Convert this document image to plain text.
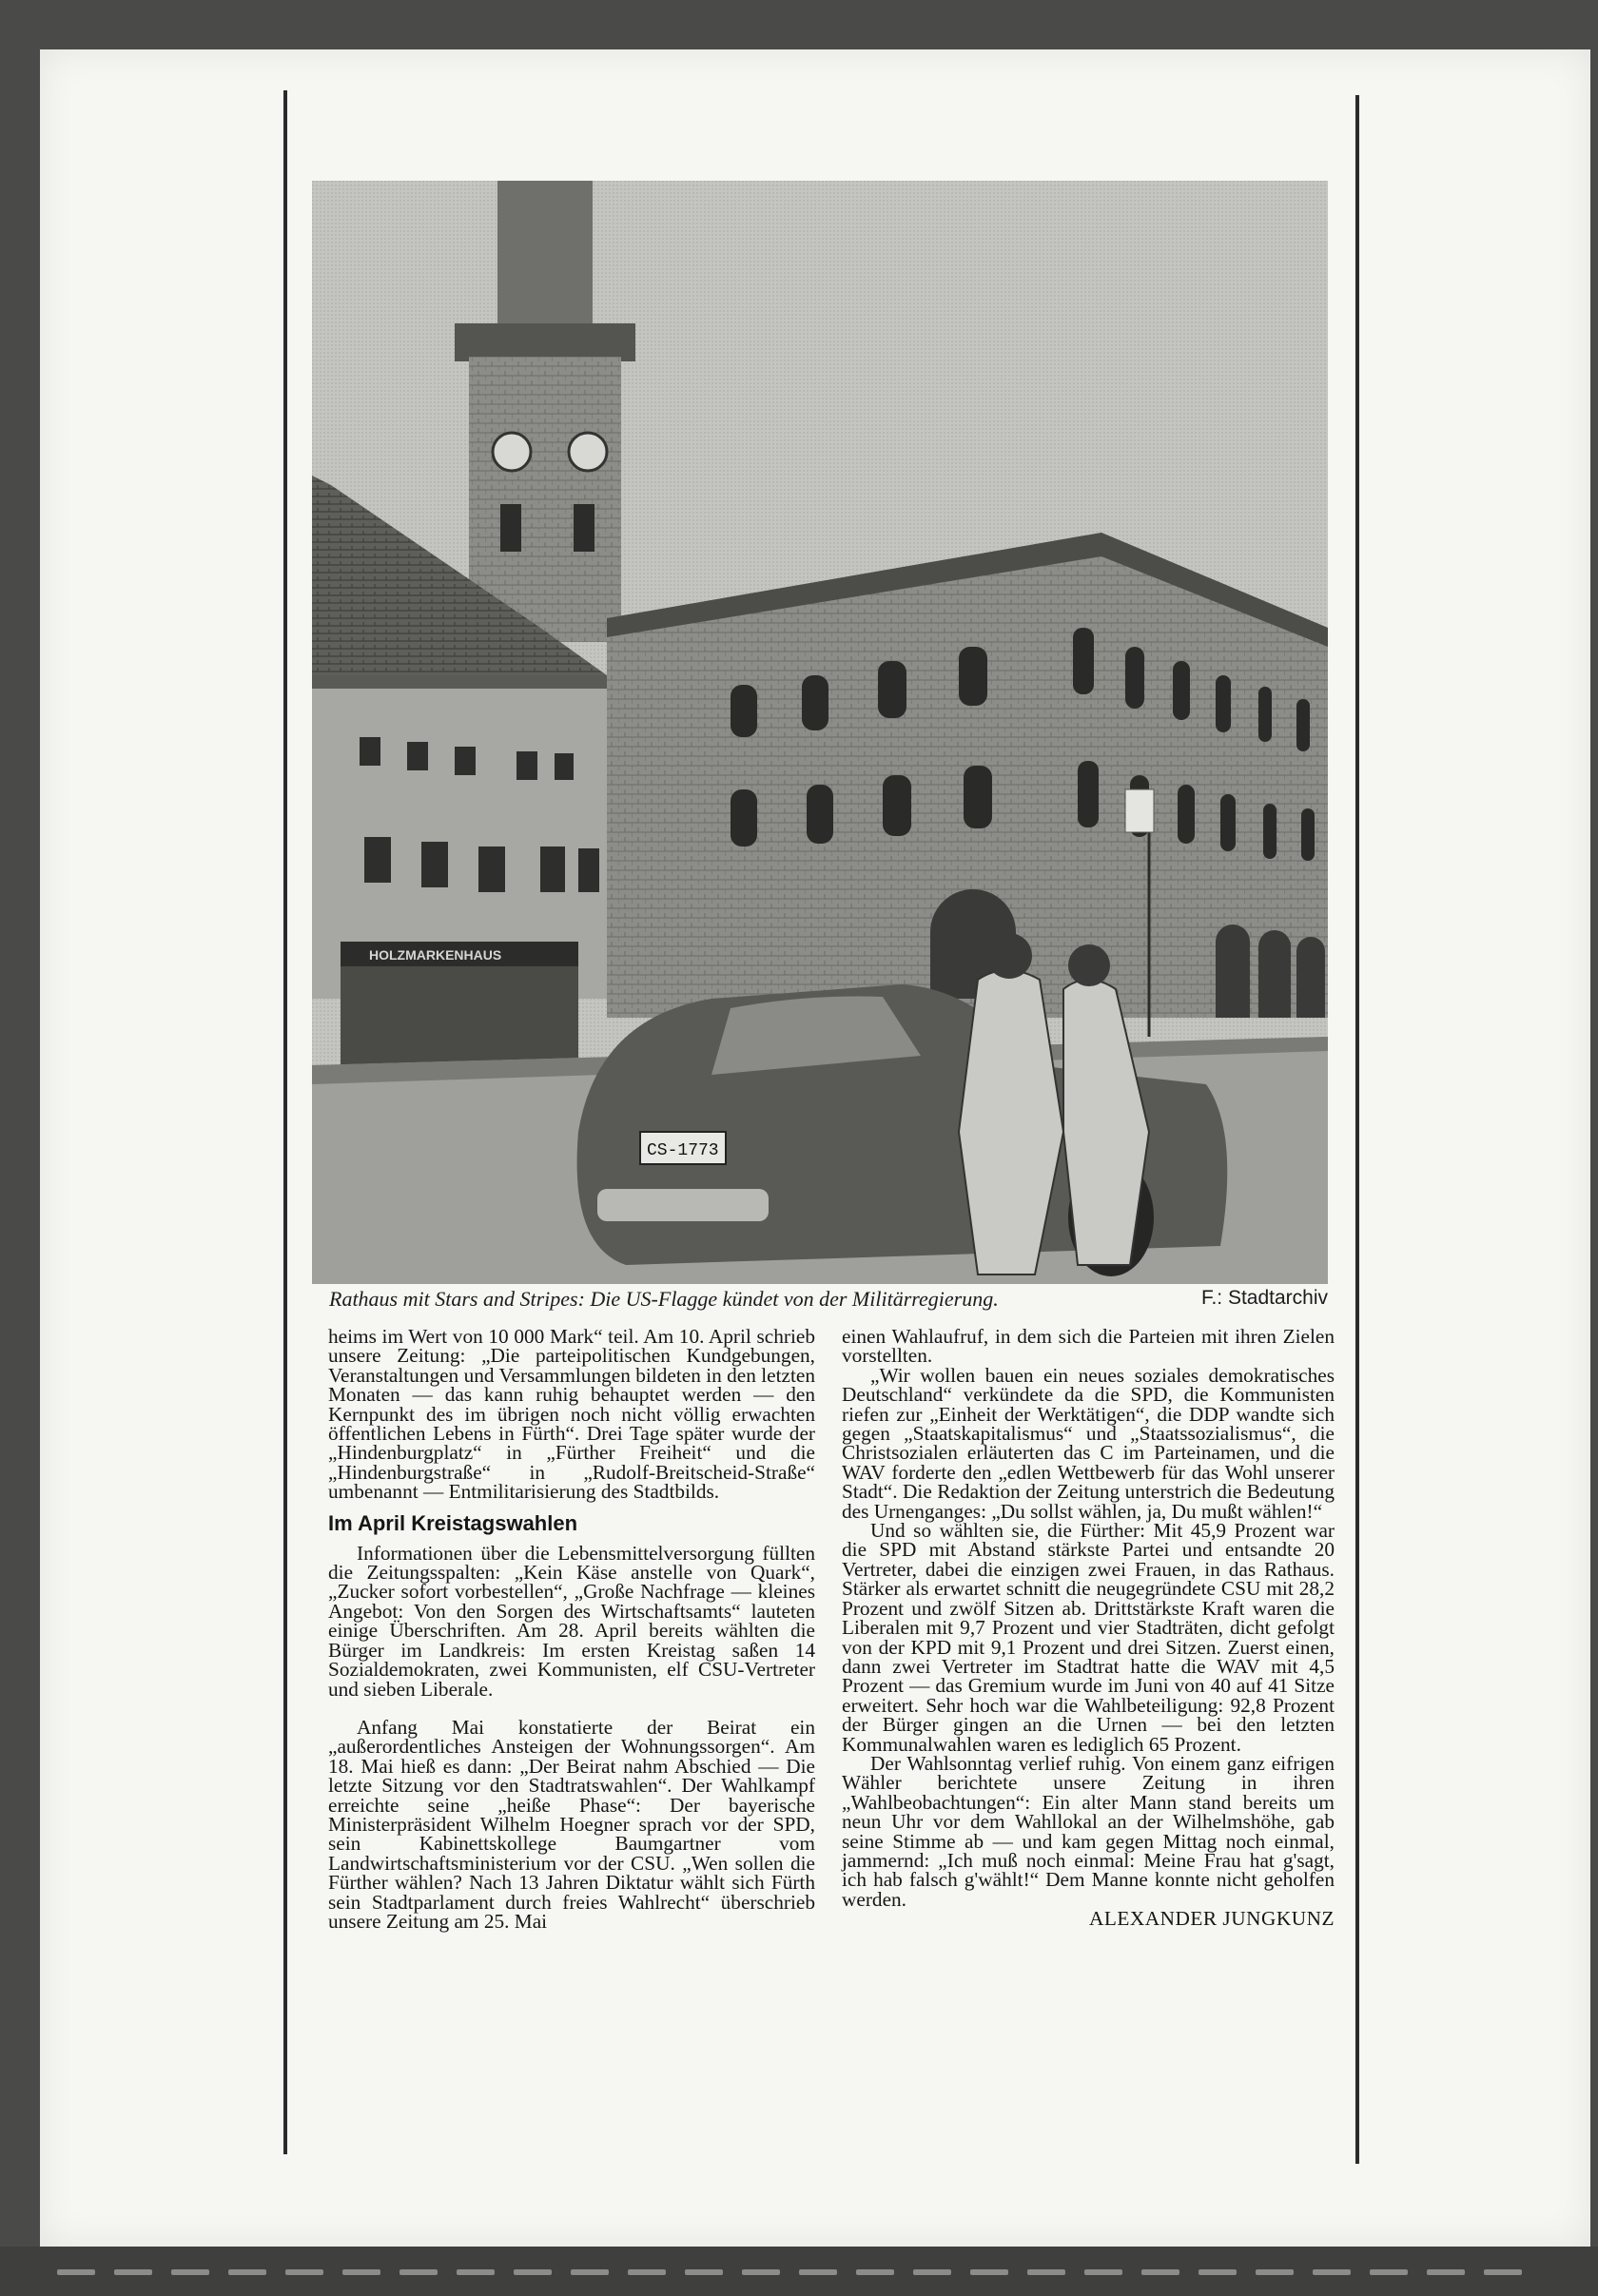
HOLZMARKENHAUS
CS-1773
Rathaus mit Stars and Stripes: Die US-Flagge kündet von der Militärregierung.	F.: Stadtarchiv

heims im Wert von 10 000 Mark“ teil. Am 10. April schrieb unsere Zeitung: „Die parteipolitischen Kundgebungen, Veranstaltungen und Versammlungen bildeten in den letzten Monaten — das kann ruhig behauptet werden — den Kernpunkt des im übrigen noch nicht völlig erwachten öffentlichen Lebens in Fürth“. Drei Tage später wurde der „Hindenburgplatz“ in „Fürther Freiheit“ und die „Hindenburgstraße“ in „Rudolf-Breitscheid-Straße“ umbenannt — Entmilitarisierung des Stadtbilds.

Im April Kreistagswahlen

Informationen über die Lebensmittelversorgung füllten die Zeitungsspalten: „Kein Käse anstelle von Quark“, „Zucker sofort vorbestellen“, „Große Nachfrage — kleines Angebot: Von den Sorgen des Wirtschaftsamts“ lauteten einige Überschriften. Am 28. April bereits wählten die Bürger im Landkreis: Im ersten Kreistag saßen 14 Sozialdemokraten, zwei Kommunisten, elf CSU-Vertreter und sieben Liberale.

Anfang Mai konstatierte der Beirat ein „außerordentliches Ansteigen der Wohnungssorgen“. Am 18. Mai hieß es dann: „Der Beirat nahm Abschied — Die letzte Sitzung vor den Stadtratswahlen“. Der Wahlkampf erreichte seine „heiße Phase“: Der bayerische Ministerpräsident Wilhelm Hoegner sprach vor der SPD, sein Kabinettskollege Baumgartner vom Landwirtschaftsministerium vor der CSU. „Wen sollen die Fürther wählen? Nach 13 Jahren Diktatur wählt sich Fürth sein Stadtparlament durch freies Wahlrecht“ überschrieb unsere Zeitung am 25. Mai

einen Wahlaufruf, in dem sich die Parteien mit ihren Zielen vorstellten.

„Wir wollen bauen ein neues soziales demokratisches Deutschland“ verkündete da die SPD, die Kommunisten riefen zur „Einheit der Werktätigen“, die DDP wandte sich gegen „Staatskapitalismus“ und „Staatssozialismus“, die Christsozialen erläuterten das C im Parteinamen, und die WAV forderte den „edlen Wettbewerb für das Wohl unserer Stadt“. Die Redaktion der Zeitung unterstrich die Bedeutung des Urnenganges: „Du sollst wählen, ja, Du mußt wählen!“

Und so wählten sie, die Fürther: Mit 45,9 Prozent war die SPD mit Abstand stärkste Partei und entsandte 20 Vertreter, dabei die einzigen zwei Frauen, in das Rathaus. Stärker als erwartet schnitt die neugegründete CSU mit 28,2 Prozent und zwölf Sitzen ab. Drittstärkste Kraft waren die Liberalen mit 9,7 Prozent und vier Stadträten, dicht gefolgt von der KPD mit 9,1 Prozent und drei Sitzen. Zuerst einen, dann zwei Vertreter im Stadtrat hatte die WAV mit 4,5 Prozent — das Gremium wurde im Juni von 40 auf 41 Sitze erweitert. Sehr hoch war die Wahlbeteiligung: 92,8 Prozent der Bürger gingen an die Urnen — bei den letzten Kommunalwahlen waren es lediglich 65 Prozent.

Der Wahlsonntag verlief ruhig. Von einem ganz eifrigen Wähler berichtete unsere Zeitung in ihren „Wahlbeobachtungen“: Ein alter Mann stand bereits um neun Uhr vor dem Wahllokal an der Wilhelmshöhe, gab seine Stimme ab — und kam gegen Mittag noch einmal, jammernd: „Ich muß noch einmal: Meine Frau hat g'sagt, ich hab falsch g'wählt!“ Dem Manne konnte nicht geholfen werden.

ALEXANDER JUNGKUNZ
